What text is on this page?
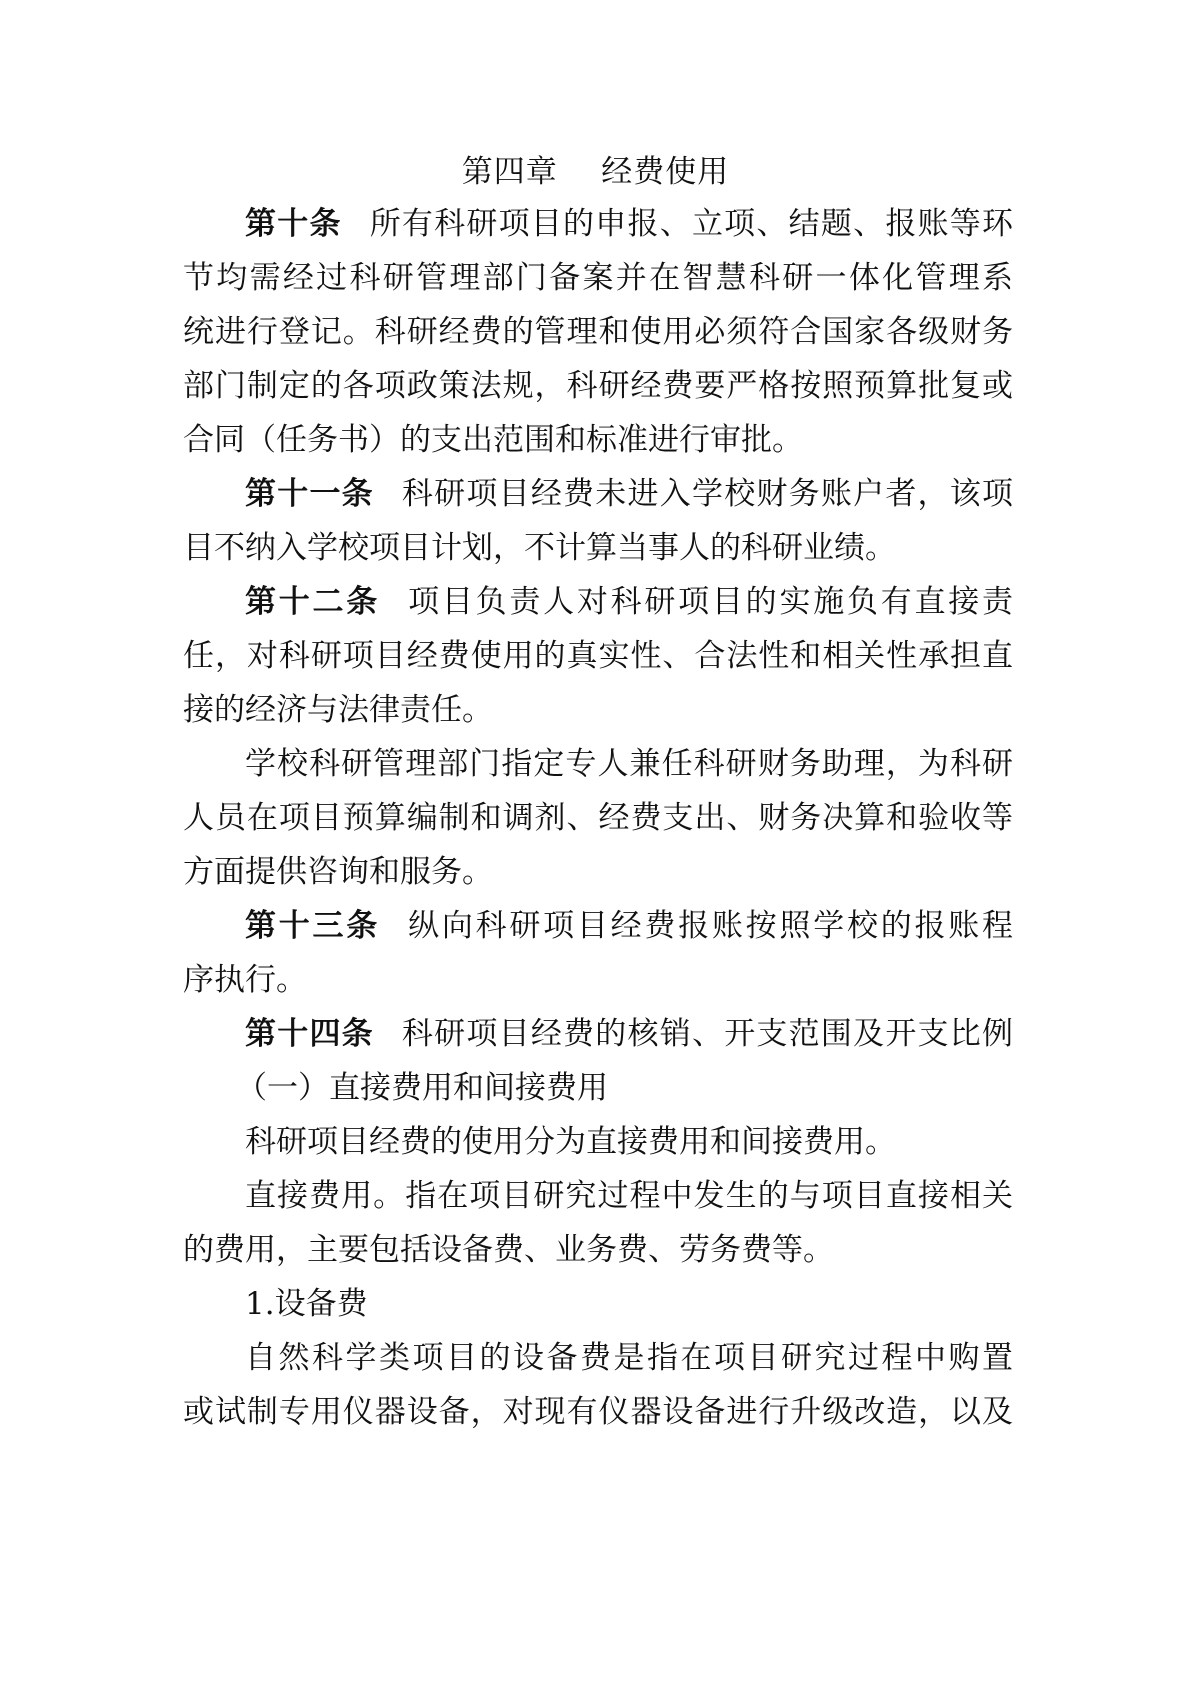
第四章    经费使用
第十条 所有科研项目的申报、立项、结题、报账等环
节均需经过科研管理部门备案并在智慧科研一体化管理系
统进行登记。科研经费的管理和使用必须符合国家各级财务
部门制定的各项政策法规，科研经费要严格按照预算批复或
合同（任务书）的支出范围和标准进行审批。
第十一条 科研项目经费未进入学校财务账户者，该项
目不纳入学校项目计划，不计算当事人的科研业绩。
第十二条 项目负责人对科研项目的实施负有直接责
任，对科研项目经费使用的真实性、合法性和相关性承担直
接的经济与法律责任。
学校科研管理部门指定专人兼任科研财务助理，为科研
人员在项目预算编制和调剂、经费支出、财务决算和验收等
方面提供咨询和服务。
第十三条 纵向科研项目经费报账按照学校的报账程
序执行。
第十四条 科研项目经费的核销、开支范围及开支比例
（一）直接费用和间接费用
科研项目经费的使用分为直接费用和间接费用。
直接费用。指在项目研究过程中发生的与项目直接相关
的费用，主要包括设备费、业务费、劳务费等。
1.设备费
自然科学类项目的设备费是指在项目研究过程中购置
或试制专用仪器设备，对现有仪器设备进行升级改造，以及
